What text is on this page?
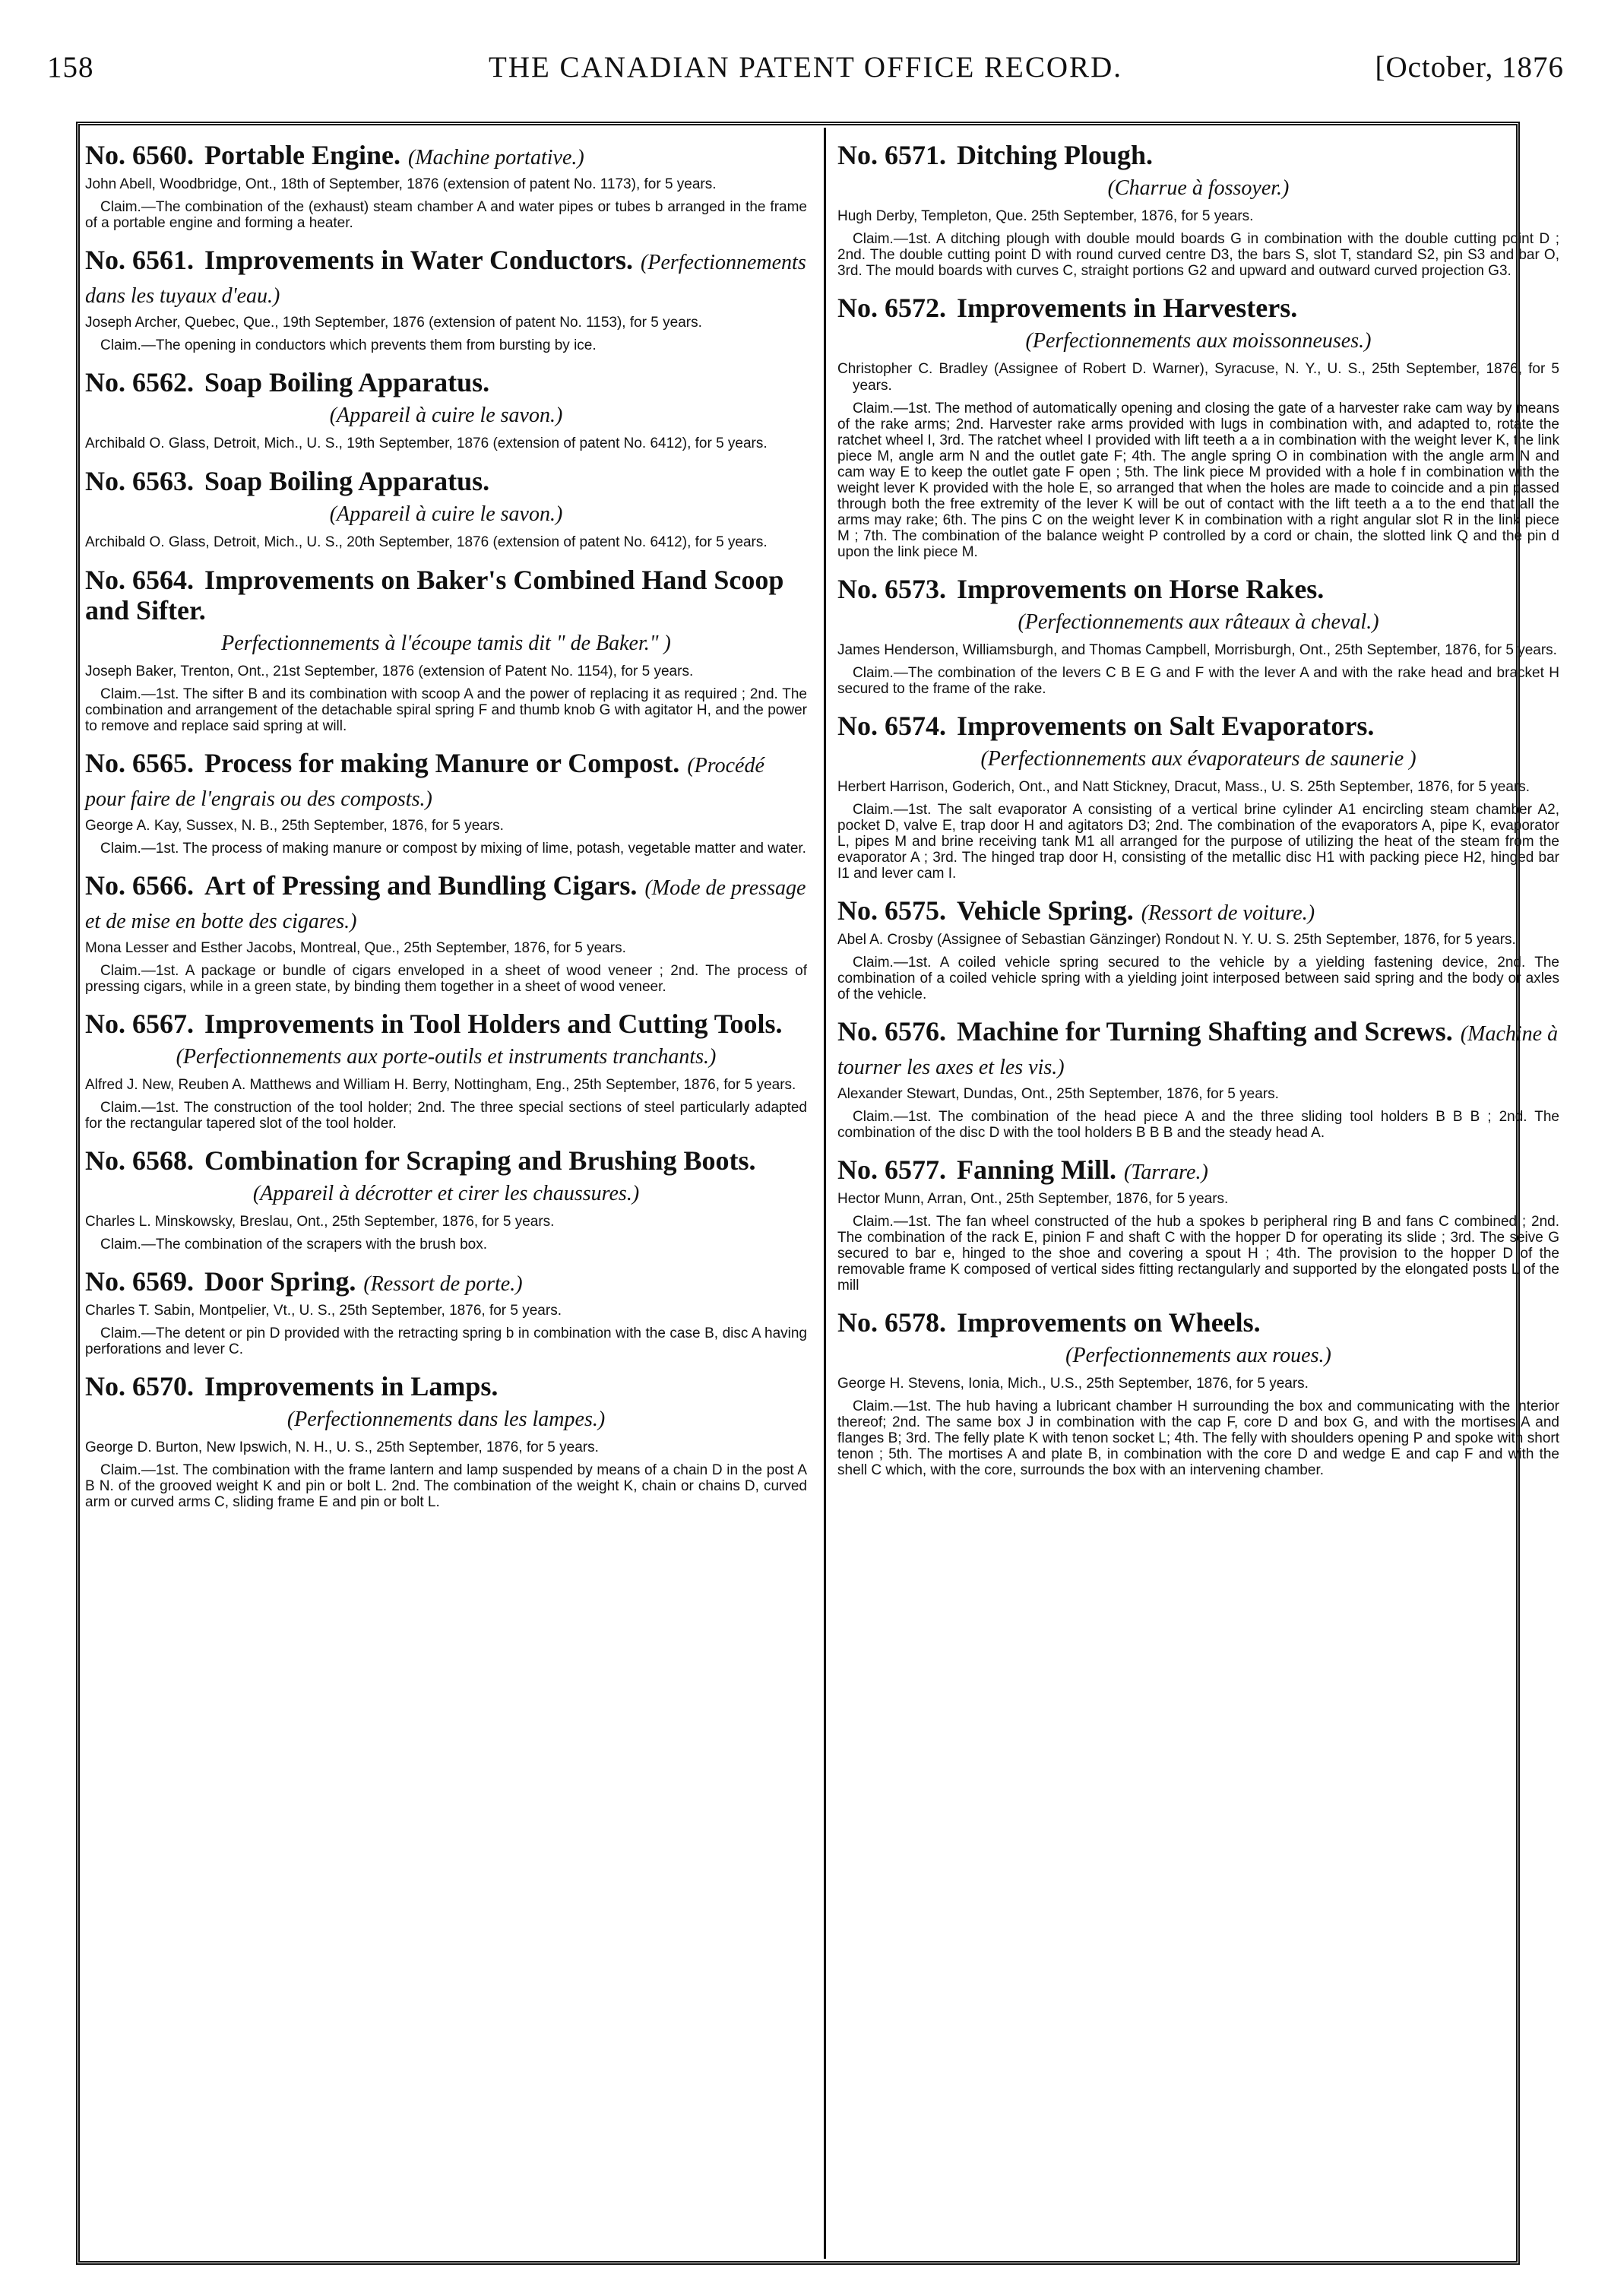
158	THE CANADIAN PATENT OFFICE RECORD.	[October, 1876
No. 6560. Portable Engine. (Machine portative.)

John Abell, Woodbridge, Ont., 18th of September, 1876 (extension of patent No. 1173), for 5 years.

Claim.—The combination of the (exhaust) steam chamber A and water pipes or tubes b arranged in the frame of a portable engine and forming a heater.

No. 6561. Improvements in Water Conductors. (Perfectionnements dans les tuyaux d'eau.)

Joseph Archer, Quebec, Que., 19th September, 1876 (extension of patent No. 1153), for 5 years.

Claim.—The opening in conductors which prevents them from bursting by ice.

No. 6562. Soap Boiling Apparatus.
(Appareil à cuire le savon.)

Archibald O. Glass, Detroit, Mich., U. S., 19th September, 1876 (extension of patent No. 6412), for 5 years.

No. 6563. Soap Boiling Apparatus.
(Appareil à cuire le savon.)

Archibald O. Glass, Detroit, Mich., U. S., 20th September, 1876 (extension of patent No. 6412), for 5 years.

No. 6564. Improvements on Baker's Combined Hand Scoop and Sifter.
Perfectionnements à l'écoupe tamis dit " de Baker." )

Joseph Baker, Trenton, Ont., 21st September, 1876 (extension of Patent No. 1154), for 5 years.

Claim.—1st. The sifter B and its combination with scoop A and the power of replacing it as required ; 2nd. The combination and arrangement of the detachable spiral spring F and thumb knob G with agitator H, and the power to remove and replace said spring at will.

No. 6565. Process for making Manure or Compost. (Procédé pour faire de l'engrais ou des composts.)

George A. Kay, Sussex, N. B., 25th September, 1876, for 5 years.

Claim.—1st. The process of making manure or compost by mixing of lime, potash, vegetable matter and water.

No. 6566. Art of Pressing and Bundling Cigars. (Mode de pressage et de mise en botte des cigares.)

Mona Lesser and Esther Jacobs, Montreal, Que., 25th September, 1876, for 5 years.

Claim.—1st. A package or bundle of cigars enveloped in a sheet of wood veneer ; 2nd. The process of pressing cigars, while in a green state, by binding them together in a sheet of wood veneer.

No. 6567. Improvements in Tool Holders and Cutting Tools.
(Perfectionnements aux porte-outils et instruments tranchants.)

Alfred J. New, Reuben A. Matthews and William H. Berry, Nottingham, Eng., 25th September, 1876, for 5 years.

Claim.—1st. The construction of the tool holder; 2nd. The three special sections of steel particularly adapted for the rectangular tapered slot of the tool holder.

No. 6568. Combination for Scraping and Brushing Boots.
(Appareil à décrotter et cirer les chaussures.)

Charles L. Minskowsky, Breslau, Ont., 25th September, 1876, for 5 years.

Claim.—The combination of the scrapers with the brush box.

No. 6569. Door Spring. (Ressort de porte.)

Charles T. Sabin, Montpelier, Vt., U. S., 25th September, 1876, for 5 years.

Claim.—The detent or pin D provided with the retracting spring b in combination with the case B, disc A having perforations and lever C.

No. 6570. Improvements in Lamps.
(Perfectionnements dans les lampes.)

George D. Burton, New Ipswich, N. H., U. S., 25th September, 1876, for 5 years.

Claim.—1st. The combination with the frame lantern and lamp suspended by means of a chain D in the post A B N. of the grooved weight K and pin or bolt L. 2nd. The combination of the weight K, chain or chains D, curved arm or curved arms C, sliding frame E and pin or bolt L.

No. 6571. Ditching Plough.
(Charrue à fossoyer.)

Hugh Derby, Templeton, Que. 25th September, 1876, for 5 years.

Claim.—1st. A ditching plough with double mould boards G in combination with the double cutting point D ; 2nd. The double cutting point D with round curved centre D3, the bars S, slot T, standard S2, pin S3 and bar O, 3rd. The mould boards with curves C, straight portions G2 and upward and outward curved projection G3.

No. 6572. Improvements in Harvesters.
(Perfectionnements aux moissonneuses.)

Christopher C. Bradley (Assignee of Robert D. Warner), Syracuse, N. Y., U. S., 25th September, 1876, for 5 years.

Claim.—1st. The method of automatically opening and closing the gate of a harvester rake cam way by means of the rake arms; 2nd. Harvester rake arms provided with lugs in combination with, and adapted to, rotate the ratchet wheel I, 3rd. The ratchet wheel I provided with lift teeth a a in combination with the weight lever K, the link piece M, angle arm N and the outlet gate F; 4th. The angle spring O in combination with the angle arm N and cam way E to keep the outlet gate F open ; 5th. The link piece M provided with a hole f in combination with the weight lever K provided with the hole E, so arranged that when the holes are made to coincide and a pin passed through both the free extremity of the lever K will be out of contact with the lift teeth a a to the end that all the arms may rake; 6th. The pins C on the weight lever K in combination with a right angular slot R in the link piece M ; 7th. The combination of the balance weight P controlled by a cord or chain, the slotted link Q and the pin d upon the link piece M.

No. 6573. Improvements on Horse Rakes.
(Perfectionnements aux râteaux à cheval.)

James Henderson, Williamsburgh, and Thomas Campbell, Morrisburgh, Ont., 25th September, 1876, for 5 years.

Claim.—The combination of the levers C B E G and F with the lever A and with the rake head and bracket H secured to the frame of the rake.

No. 6574. Improvements on Salt Evaporators.
(Perfectionnements aux évaporateurs de saunerie )

Herbert Harrison, Goderich, Ont., and Natt Stickney, Dracut, Mass., U. S. 25th September, 1876, for 5 years.

Claim.—1st. The salt evaporator A consisting of a vertical brine cylinder A1 encircling steam chamber A2, pocket D, valve E, trap door H and agitators D3; 2nd. The combination of the evaporators A, pipe K, evaporator L, pipes M and brine receiving tank M1 all arranged for the purpose of utilizing the heat of the steam from the evaporator A ; 3rd. The hinged trap door H, consisting of the metallic disc H1 with packing piece H2, hinged bar I1 and lever cam I.

No. 6575. Vehicle Spring. (Ressort de voiture.)

Abel A. Crosby (Assignee of Sebastian Gänzinger) Rondout N. Y. U. S. 25th September, 1876, for 5 years.

Claim.—1st. A coiled vehicle spring secured to the vehicle by a yielding fastening device, 2nd. The combination of a coiled vehicle spring with a yielding joint interposed between said spring and the body or axles of the vehicle.

No. 6576. Machine for Turning Shafting and Screws. (Machine à tourner les axes et les vis.)

Alexander Stewart, Dundas, Ont., 25th September, 1876, for 5 years.

Claim.—1st. The combination of the head piece A and the three sliding tool holders B B B ; 2nd. The combination of the disc D with the tool holders B B B and the steady head A.

No. 6577. Fanning Mill. (Tarrare.)

Hector Munn, Arran, Ont., 25th September, 1876, for 5 years.

Claim.—1st. The fan wheel constructed of the hub a spokes b peripheral ring B and fans C combined ; 2nd. The combination of the rack E, pinion F and shaft C with the hopper D for operating its slide ; 3rd. The seive G secured to bar e, hinged to the shoe and covering a spout H ; 4th. The provision to the hopper D of the removable frame K composed of vertical sides fitting rectangularly and supported by the elongated posts L of the mill

No. 6578. Improvements on Wheels.
(Perfectionnements aux roues.)

George H. Stevens, Ionia, Mich., U.S., 25th September, 1876, for 5 years.

Claim.—1st. The hub having a lubricant chamber H surrounding the box and communicating with the interior thereof; 2nd. The same box J in combination with the cap F, core D and box G, and with the mortises A and flanges B; 3rd. The felly plate K with tenon socket L; 4th. The felly with shoulders opening P and spoke with short tenon ; 5th. The mortises A and plate B, in combination with the core D and wedge E and cap F and with the shell C which, with the core, surrounds the box with an intervening chamber.
